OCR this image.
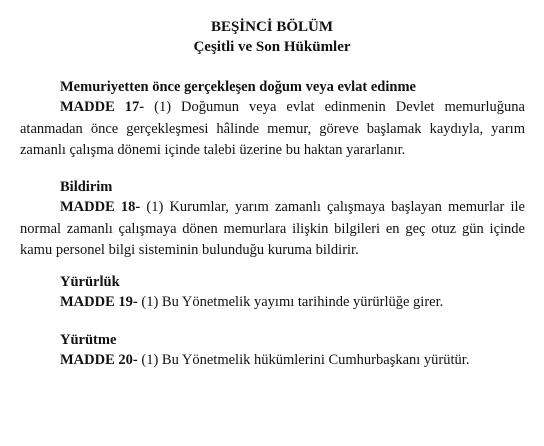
BEŞİNCİ BÖLÜM
Çeşitli ve Son Hükümler

Memuriyetten önce gerçekleşen doğum veya evlat edinme

MADDE 17- (1) Doğumun veya evlat edinmenin Devlet memurluğuna atanmadan önce gerçekleşmesi hâlinde memur, göreve başlamak kaydıyla, yarım zamanlı çalışma dönemi içinde talebi üzerine bu haktan yararlanır.

Bildirim

MADDE 18- (1) Kurumlar, yarım zamanlı çalışmaya başlayan memurlar ile normal zamanlı çalışmaya dönen memurlara ilişkin bilgileri en geç otuz gün içinde kamu personel bilgi sisteminin bulunduğu kuruma bildirir.

Yürürlük

MADDE 19- (1) Bu Yönetmelik yayımı tarihinde yürürlüğe girer.

Yürütme

MADDE 20- (1) Bu Yönetmelik hükümlerini Cumhurbaşkanı yürütür.
